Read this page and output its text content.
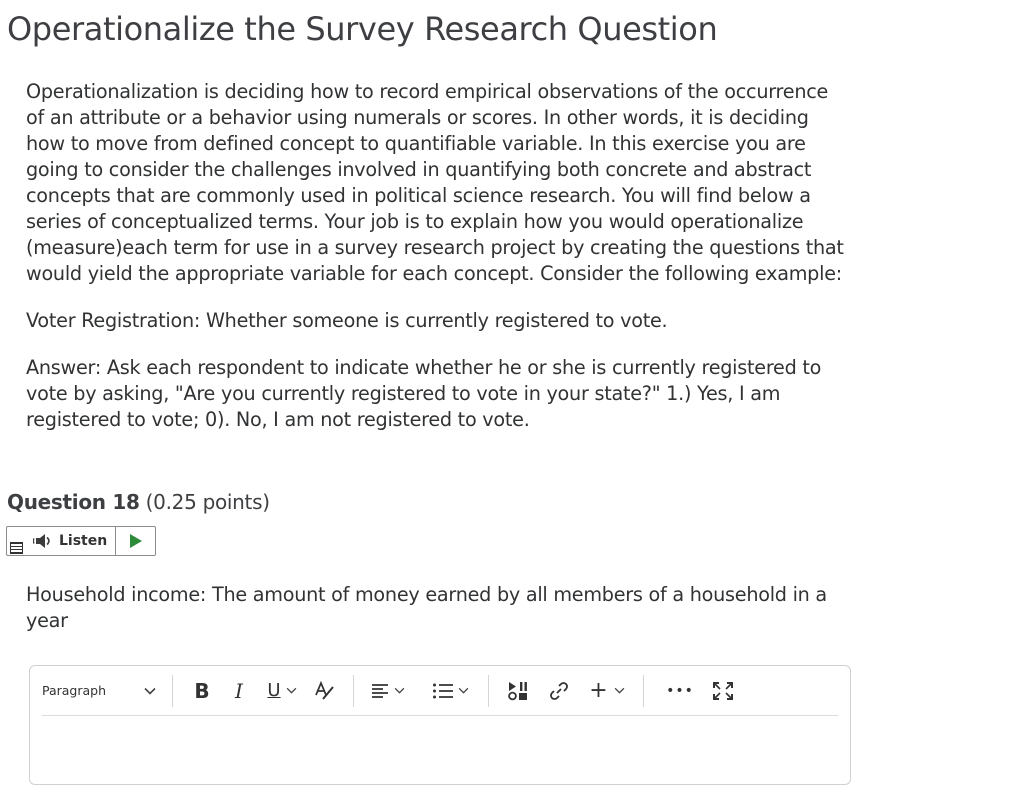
Operationalize the Survey Research Question

Operationalization is deciding how to record empirical observations of the occurrence of an attribute or a behavior using numerals or scores. In other words, it is deciding how to move from defined concept to quantifiable variable. In this exercise you are going to consider the challenges involved in quantifying both concrete and abstract concepts that are commonly used in political science research. You will find below a series of conceptualized terms. Your job is to explain how you would operationalize (measure)each term for use in a survey research project by creating the questions that would yield the appropriate variable for each concept. Consider the following example:

Voter Registration: Whether someone is currently registered to vote.

Answer: Ask each respondent to indicate whether he or she is currently registered to vote by asking, "Are you currently registered to vote in your state?" 1.) Yes, I am registered to vote; 0). No, I am not registered to vote.

Question 18 (0.25 points)
Listen
Household income: The amount of money earned by all members of a household in a year
Paragraph	B	I	U	+	•••
